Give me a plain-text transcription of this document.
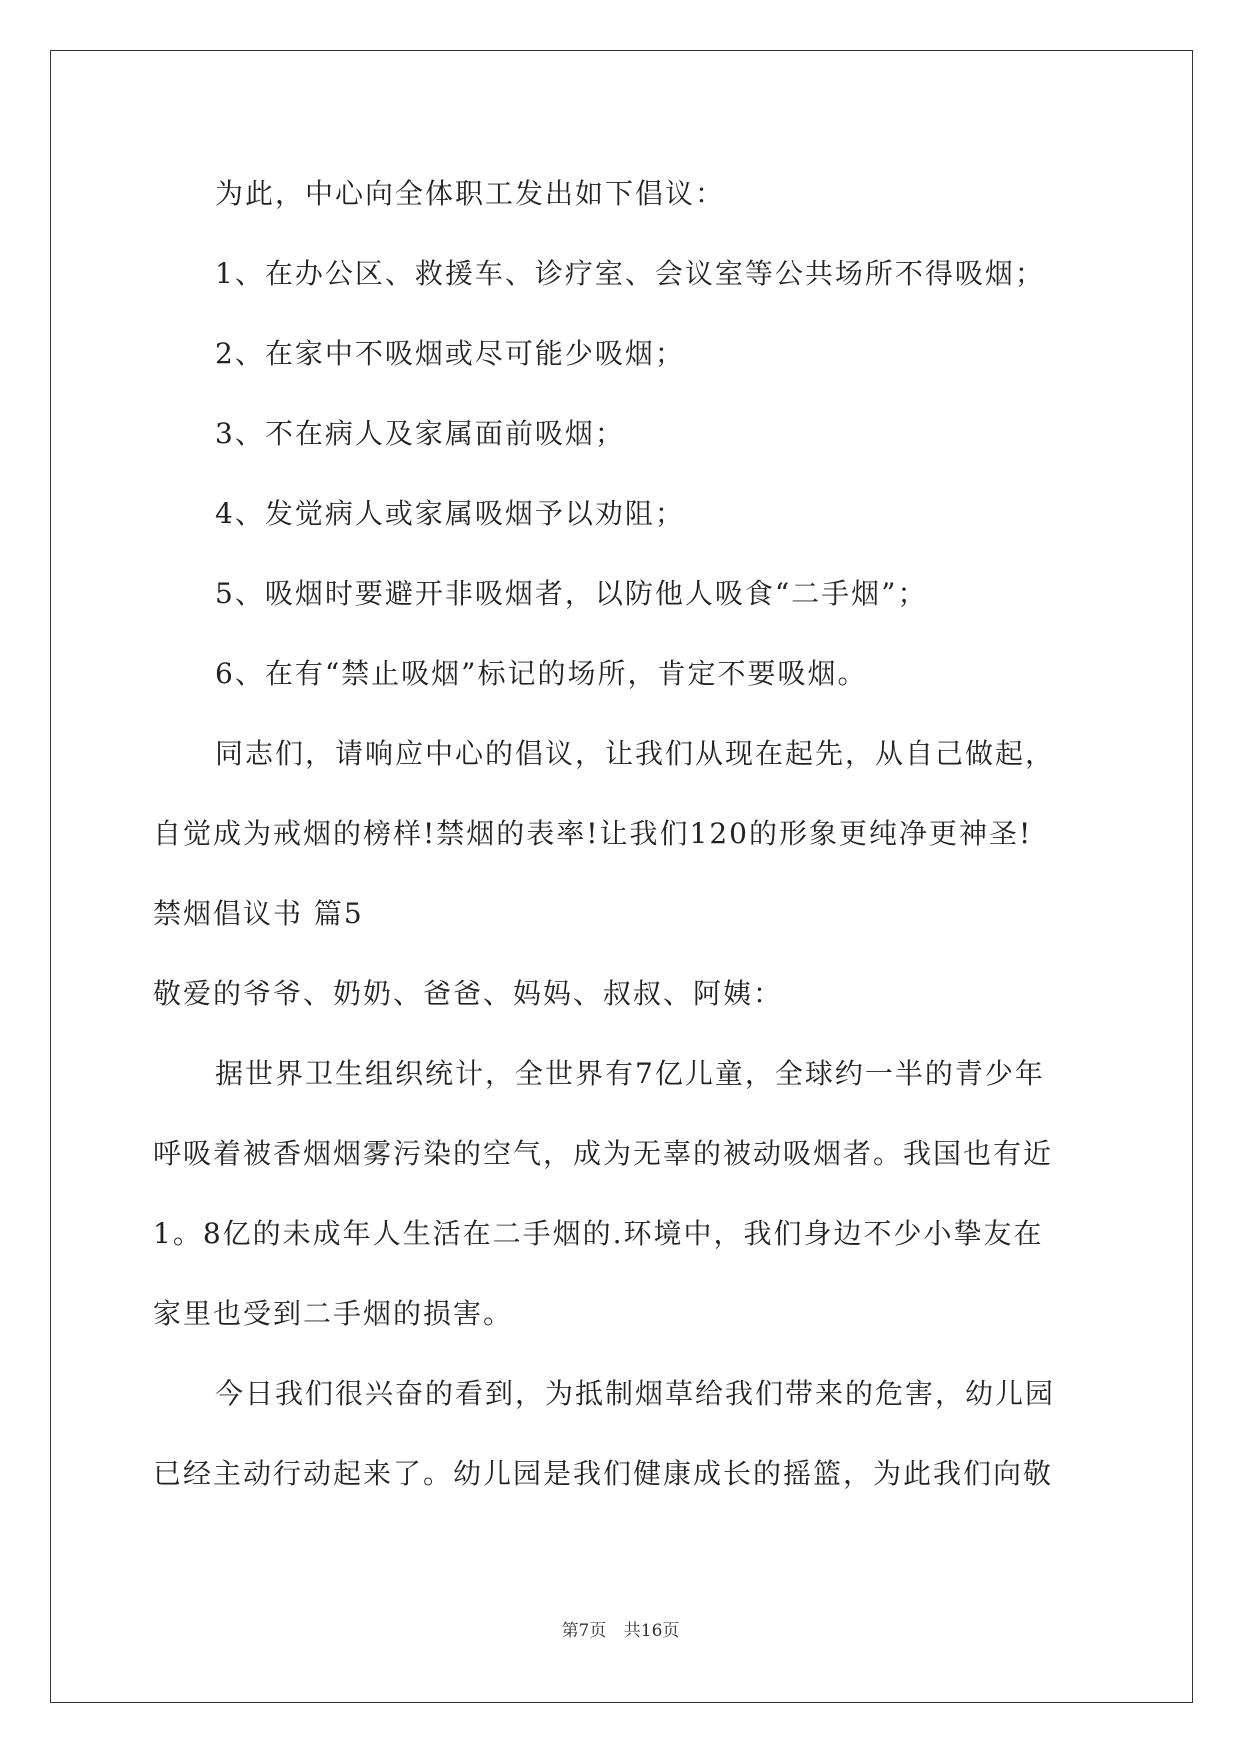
为此，中心向全体职工发出如下倡议：
1、在办公区、救援车、诊疗室、会议室等公共场所不得吸烟；
2、在家中不吸烟或尽可能少吸烟；
3、不在病人及家属面前吸烟；
4、发觉病人或家属吸烟予以劝阻；
5、吸烟时要避开非吸烟者，以防他人吸食“二手烟”；
6、在有“禁止吸烟”标记的场所，肯定不要吸烟。
同志们，请响应中心的倡议，让我们从现在起先，从自己做起，
自觉成为戒烟的榜样!禁烟的表率!让我们120的形象更纯净更神圣!
禁烟倡议书 篇5
敬爱的爷爷、奶奶、爸爸、妈妈、叔叔、阿姨：
据世界卫生组织统计，全世界有7亿儿童，全球约一半的青少年
呼吸着被香烟烟雾污染的空气，成为无辜的被动吸烟者。我国也有近
1。8亿的未成年人生活在二手烟的.环境中，我们身边不少小挚友在
家里也受到二手烟的损害。
今日我们很兴奋的看到，为抵制烟草给我们带来的危害，幼儿园
已经主动行动起来了。幼儿园是我们健康成长的摇篮，为此我们向敬
第7页 共16页
